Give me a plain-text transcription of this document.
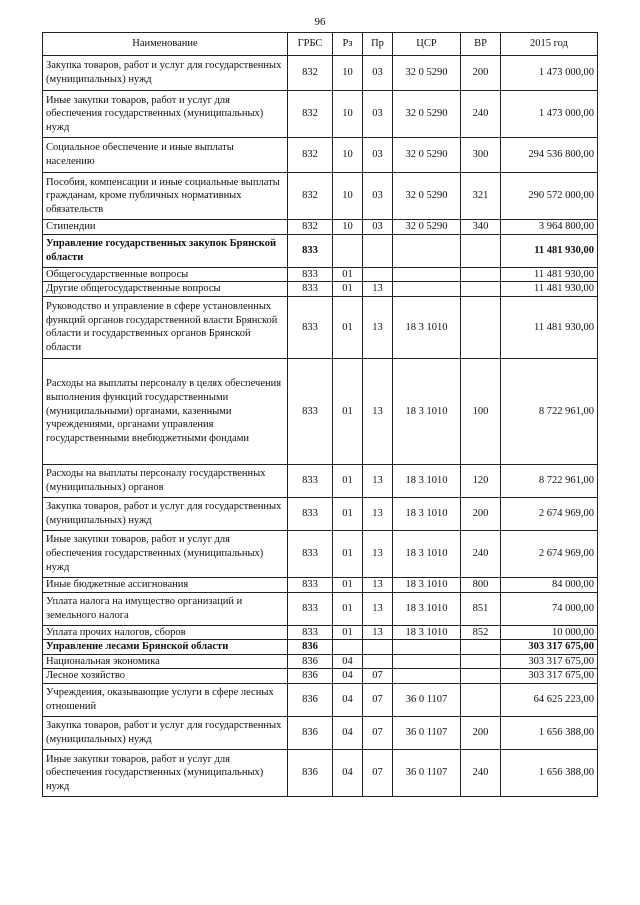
96
Наименование	ГРБС	Рз	Пр	ЦСР	ВР	2015 год
Закупка товаров, работ и услуг для государственных (муниципальных) нужд	832	10	03	32 0 5290	200	1 473 000,00
Иные закупки товаров, работ и услуг для обеспечения государственных (муниципальных) нужд	832	10	03	32 0 5290	240	1 473 000,00
Социальное обеспечение и иные выплаты населению	832	10	03	32 0 5290	300	294 536 800,00
Пособия, компенсации и иные социальные выплаты гражданам, кроме публичных нормативных обязательств	832	10	03	32 0 5290	321	290 572 000,00
Стипендии	832	10	03	32 0 5290	340	3 964 800,00
Управление государственных закупок Брянской области	833					11 481 930,00
Общегосударственные вопросы	833	01				11 481 930,00
Другие общегосударственные вопросы	833	01	13			11 481 930,00
Руководство и управление в сфере установленных функций органов государственной власти Брянской области и государственных органов Брянской области	833	01	13	18 3 1010		11 481 930,00
Расходы на выплаты персоналу в целях обеспечения выполнения функций государственными (муниципальными) органами, казенными учреждениями, органами управления государственными внебюджетными фондами	833	01	13	18 3 1010	100	8 722 961,00
Расходы на выплаты персоналу государственных (муниципальных) органов	833	01	13	18 3 1010	120	8 722 961,00
Закупка товаров, работ и услуг для государственных (муниципальных) нужд	833	01	13	18 3 1010	200	2 674 969,00
Иные закупки товаров, работ и услуг для обеспечения государственных (муниципальных) нужд	833	01	13	18 3 1010	240	2 674 969,00
Иные бюджетные ассигнования	833	01	13	18 3 1010	800	84 000,00
Уплата налога на имущество организаций и земельного налога	833	01	13	18 3 1010	851	74 000,00
Уплата прочих налогов, сборов	833	01	13	18 3 1010	852	10 000,00
Управление лесами Брянской области	836					303 317 675,00
Национальная экономика	836	04				303 317 675,00
Лесное хозяйство	836	04	07			303 317 675,00
Учреждения, оказывающие услуги в сфере лесных отношений	836	04	07	36 0 1107		64 625 223,00
Закупка товаров, работ и услуг для государственных (муниципальных) нужд	836	04	07	36 0 1107	200	1 656 388,00
Иные закупки товаров, работ и услуг для обеспечения государственных (муниципальных) нужд	836	04	07	36 0 1107	240	1 656 388,00
